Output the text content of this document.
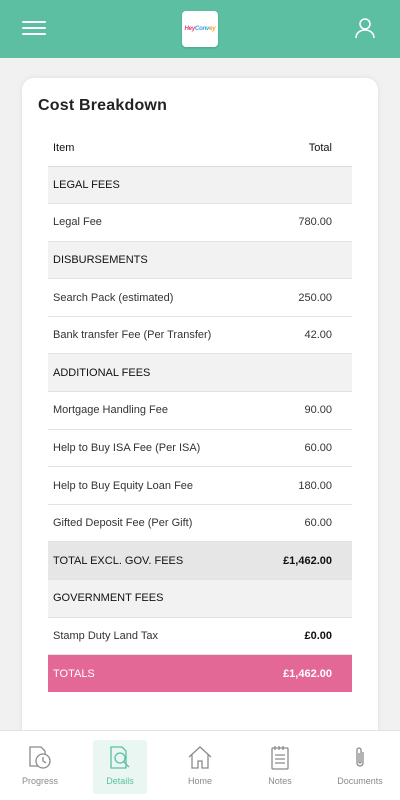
HeyConvey
Cost Breakdown
Item	Total
LEGAL FEES	
Legal Fee	780.00
DISBURSEMENTS	
Search Pack (estimated)	250.00
Bank transfer Fee (Per Transfer)	42.00
ADDITIONAL FEES	
Mortgage Handling Fee	90.00
Help to Buy ISA Fee (Per ISA)	60.00
Help to Buy Equity Loan Fee	180.00
Gifted Deposit Fee (Per Gift)	60.00
TOTAL EXCL. GOV. FEES	£1,462.00
GOVERNMENT FEES	
Stamp Duty Land Tax	£0.00
TOTALS	£1,462.00
Progress	Details	Home	Notes	Documents
